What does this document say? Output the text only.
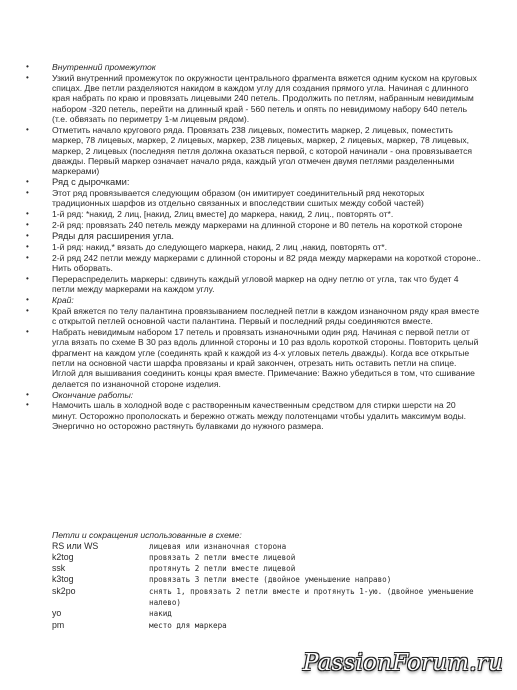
•	Внутренний промежуток
•	Узкий внутренний промежуток по окружности центрального фрагмента вяжется одним куском на круговых спицах. Две петли разделяются накидом в каждом углу для создания прямого угла. Начиная с длинного края набрать по краю и провязать лицевыми 240 петель. Продолжить по петлям, набранным невидимым набором -320 петель, перейти на длинный край - 560 петель и опять по невидимому набору 640 петель (т.е. обвязать по периметру 1-м лицевым рядом).
•	Отметить начало кругового ряда. Провязать 238 лицевых, поместить маркер, 2 лицевых, поместить маркер, 78 лицевых, маркер, 2 лицевых, маркер, 238 лицевых, маркер, 2 лицевых, маркер, 78 лицевых, маркер, 2 лицевых (последняя петля должна оказаться первой, с которой начинали - она провязывается дважды. Первый маркер означает начало ряда, каждый угол отмечен двумя петлями разделенными маркерами)
•	Ряд с дырочками:
•	Этот ряд провязывается следующим образом (он имитирует соединительный ряд некоторых традиционных шарфов из отдельно связанных и впоследствии сшитых между собой частей)
•	1-й ряд: *накид, 2 лиц, [накид, 2лиц вместе] до маркера, накид, 2 лиц., повторять от*.
•	2-й ряд: провязать 240 петель между маркерами на длинной стороне и 80 петель на короткой стороне
•	Ряды для расширения угла.
•	1-й ряд: накид,* вязать до следующего маркера, накид, 2 лиц ,накид, повторять от*.
•	2-й ряд 242 петли между маркерами с длинной стороны и 82 ряда между маркерами на короткой стороне.. Нить оборвать.
•	Перераспределить маркеры: сдвинуть каждый угловой маркер на одну петлю от угла, так что будет 4 петли между маркерами на каждом углу.
•	Край:
•	Край вяжется по телу палантина провязыванием последней петли в каждом изнаночном ряду края вместе с открытой петлей основной части палантина. Первый и последний ряды соединяются вместе.
•	Набрать невидимым набором 17 петель и провязать изнаночными один ряд. Начиная с первой петли от угла вязать по схеме В 30 раз вдоль длинной стороны и 10 раз вдоль короткой стороны. Повторить целый фрагмент на каждом угле (соединять край к каждой из 4-х угловых петель дважды). Когда все открытые петли на основной части шарфа провязаны и край закончен, отрезать нить оставить петли на спице. Иглой для вышивания соединить концы края вместе. Примечание: Важно убедиться в том, что сшивание делается по изнаночной стороне изделия.
•	Окончание работы:
•	Намочить шаль в холодной воде с растворенным качественным средством для стирки шерсти на 20 минут. Осторожно прополоскать и бережно отжать между полотенцами чтобы удалить максимум воды. Энергично но осторожно растянуть булавками до нужного размера.
Петли и сокращения использованные в схеме:
RS или WS	лицевая или изнаночная сторона
k2tog	провязать 2 петли вместе лицевой
ssk	протянуть 2 петли вместе лицевой
k3tog	провязать 3 петли вместе (двойное уменьшение направо)
sk2po	снять 1, провязать 2 петли вместе и протянуть 1-ую. (двойное уменьшение налево)
yo	накид
pm	место для маркера
PassionForum.ru
